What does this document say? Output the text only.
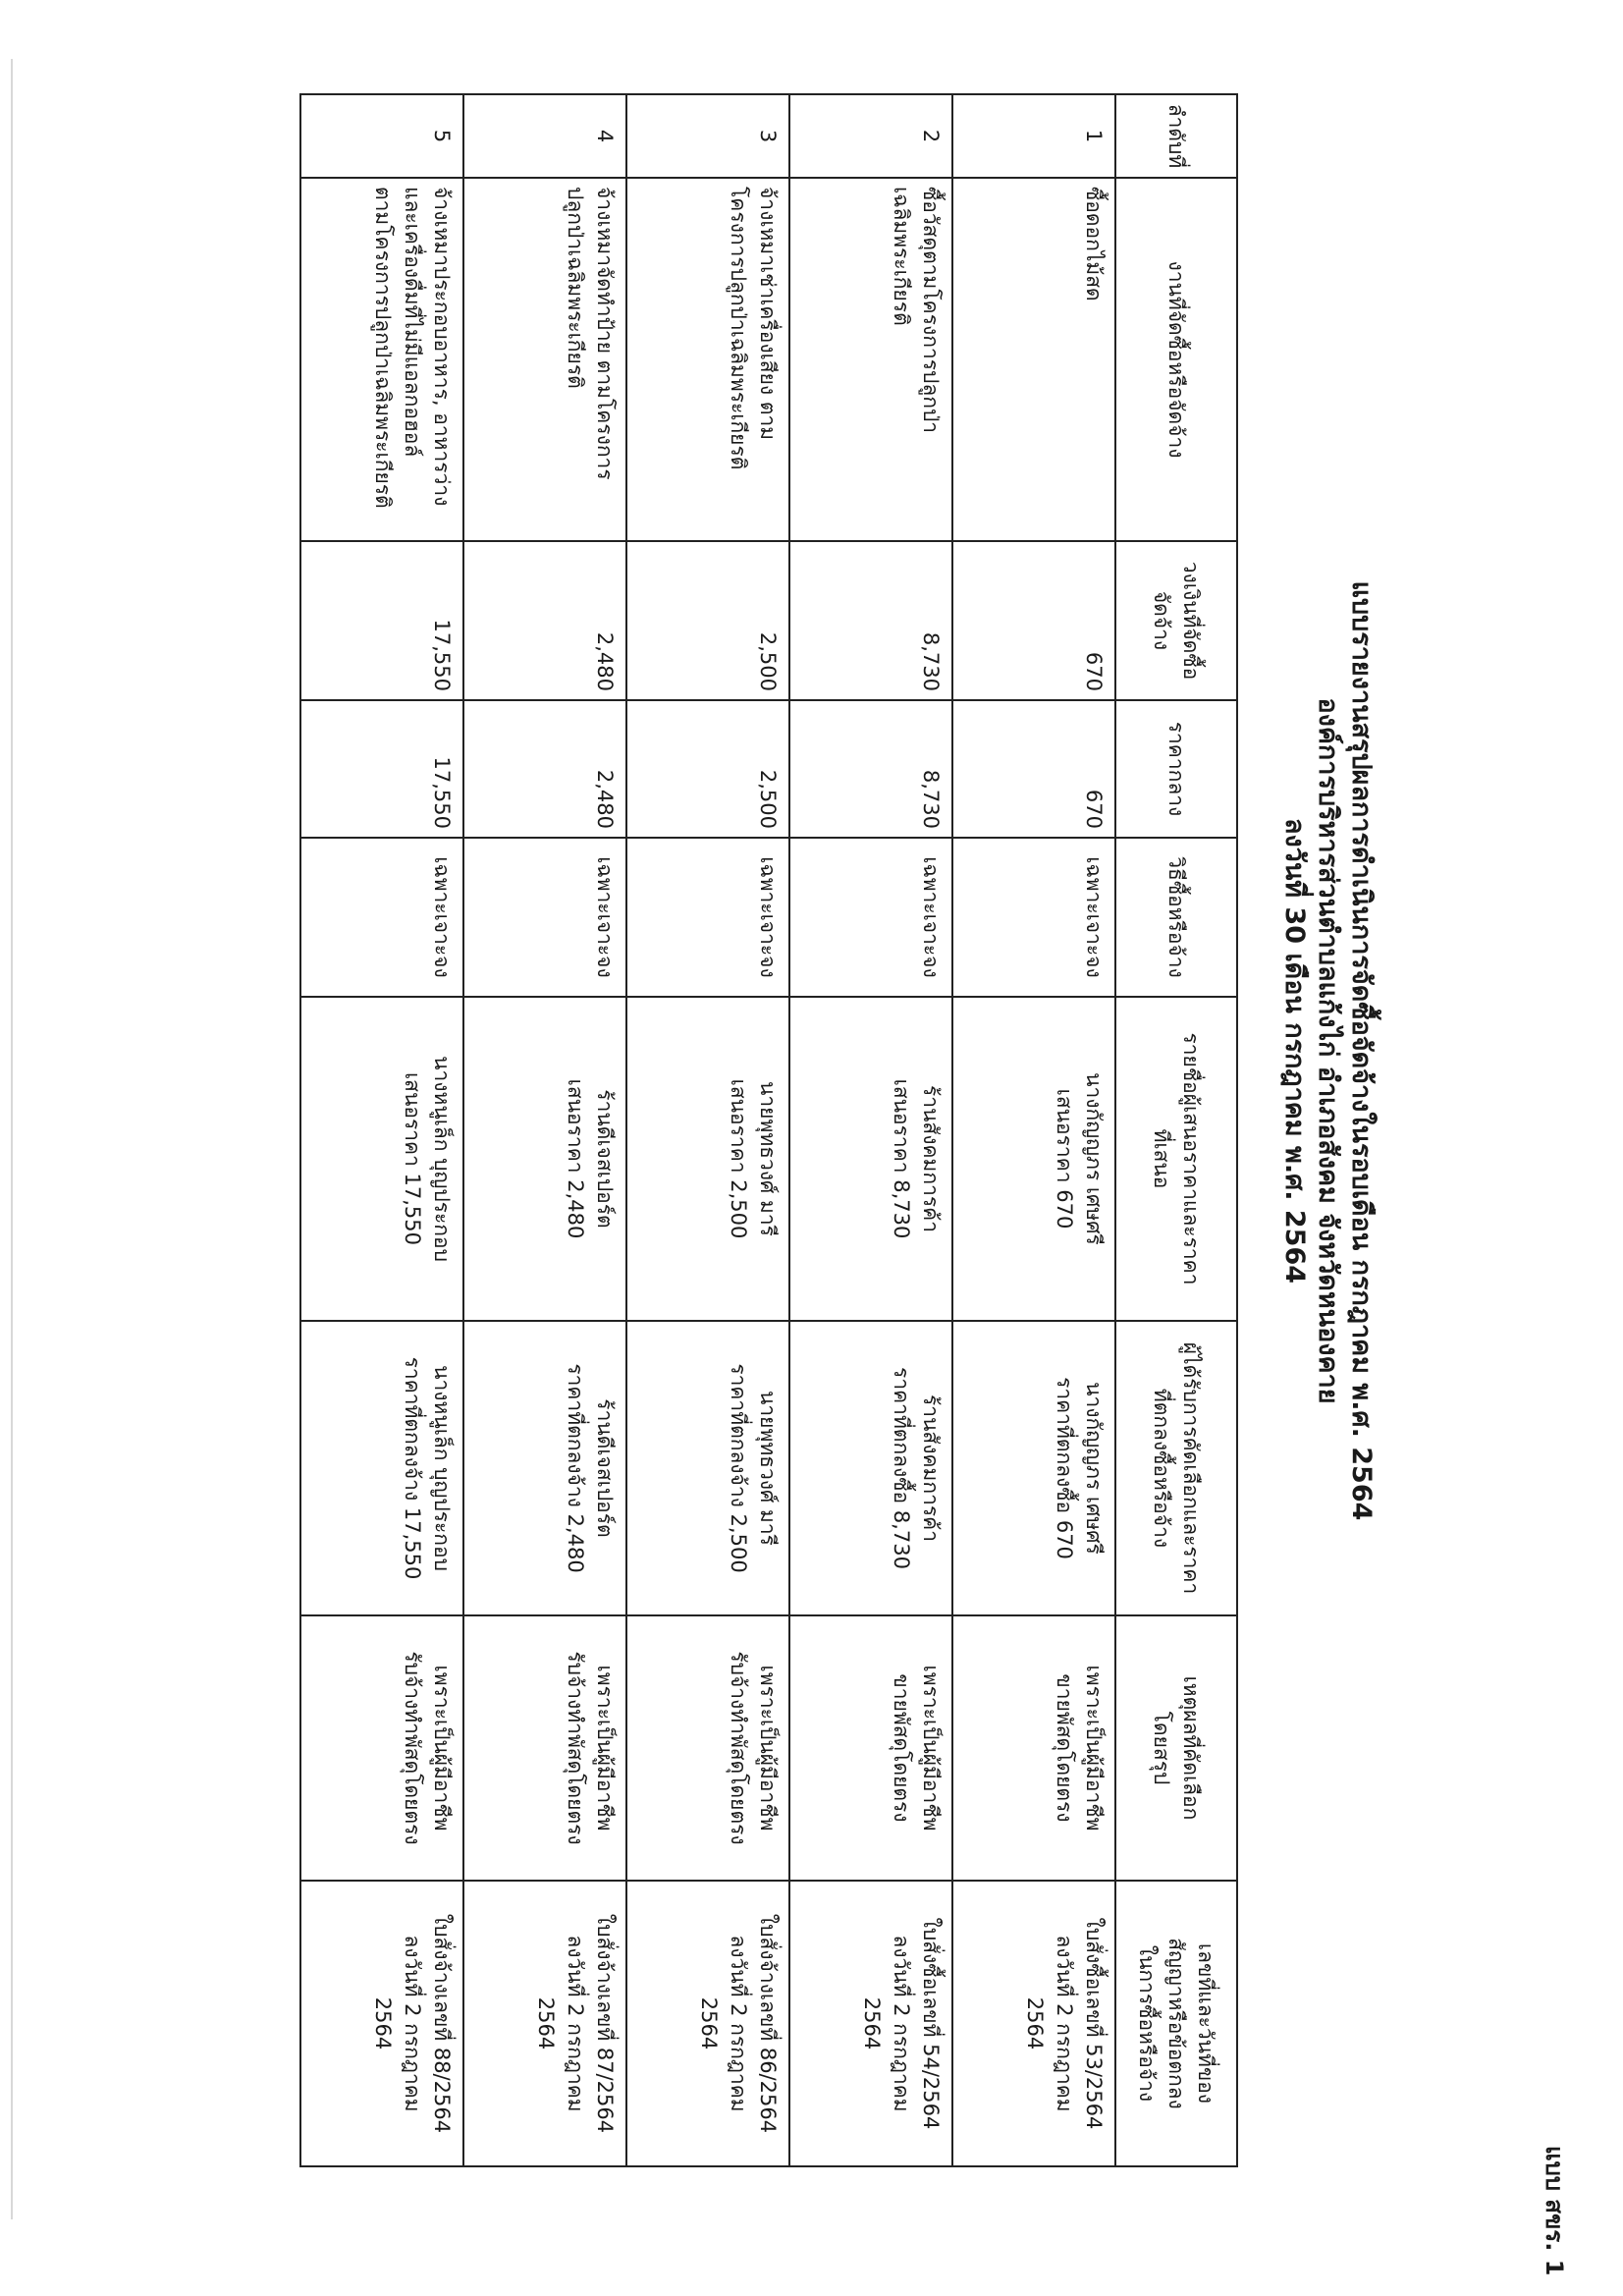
แบบ สขร. 1
แบบรายงานสรุปผลการดำเนินการจัดซื้อจัดจ้างในรอบเดือน กรกฎาคม พ.ศ. 2564
องค์การบริหารส่วนตำบลแก้งไก่ อำเภอสังคม จังหวัดหนองคาย
ลงวันที่ 30 เดือน กรกฎาคม พ.ศ. 2564
ลำดับที่	งานที่จัดซื้อหรือจัดจ้าง	วงเงินที่จัดซื้อ
จัดจ้าง	ราคากลาง	วิธีซื้อหรือจ้าง	รายชื่อผู้เสนอราคาและราคา
ที่เสนอ	ผู้ได้รับการคัดเลือกและราคา
ที่ตกลงซื้อหรือจ้าง	เหตุผลที่คัดเลือก
โดยสรุป	เลขที่และวันที่ของ
สัญญาหรือข้อตกลง
ในการซื้อหรือจ้าง

1	ซื้อดอกไม้สด	670	670	เฉพาะเจาะจง	นางกัญญภร เศษศรี
เสนอราคา 670	นางกัญญภร เศษศรี
ราคาที่ตกลงซื้อ 670	เพราะเป็นผู้มีอาชีพ
ขายพัสดุโดยตรง	ใบสั่งซื้อเลขที่ 53/2564
ลงวันที่ 2 กรกฎาคม
2564

2	ซื้อวัสดุตามโครงการปลูกป่า
เฉลิมพระเกียรติ	8,730	8,730	เฉพาะเจาะจง	ร้านสังคมการค้า
เสนอราคา 8,730	ร้านสังคมการค้า
ราคาที่ตกลงซื้อ 8,730	เพราะเป็นผู้มีอาชีพ
ขายพัสดุโดยตรง	ใบสั่งซื้อเลขที่ 54/2564
ลงวันที่ 2 กรกฎาคม
2564

3	จ้างเหมาเช่าเครื่องเสียง ตาม
โครงการปลูกป่าเฉลิมพระเกียรติ	2,500	2,500	เฉพาะเจาะจง	นายพุทธวงศ์ มารี
เสนอราคา 2,500	นายพุทธวงศ์ มารี
ราคาที่ตกลงจ้าง 2,500	เพราะเป็นผู้มีอาชีพ
รับจ้างทำพัสดุโดยตรง	ใบสั่งจ้างเลขที่ 86/2564
ลงวันที่ 2 กรกฎาคม
2564

4	จ้างเหมาจัดทำป้าย ตามโครงการ
ปลูกป่าเฉลิมพระเกียรติ	2,480	2,480	เฉพาะเจาะจง	ร้านดีเจสเปอร์ต
เสนอราคา 2,480	ร้านดีเจสเปอร์ต
ราคาที่ตกลงจ้าง 2,480	เพราะเป็นผู้มีอาชีพ
รับจ้างทำพัสดุโดยตรง	ใบสั่งจ้างเลขที่ 87/2564
ลงวันที่ 2 กรกฎาคม
2564

5	จ้างเหมาประกอบอาหาร, อาหารว่าง
และเครื่องดื่มที่ไม่มีแอลกอฮอล์
ตามโครงการปลูกป่าเฉลิมพระเกียรติ	17,550	17,550	เฉพาะเจาะจง	นางหนูเล็ก บุญประกอบ
เสนอราคา 17,550	นางหนูเล็ก บุญประกอบ
ราคาที่ตกลงจ้าง 17,550	เพราะเป็นผู้มีอาชีพ
รับจ้างทำพัสดุโดยตรง	ใบสั่งจ้างเลขที่ 88/2564
ลงวันที่ 2 กรกฎาคม
2564
